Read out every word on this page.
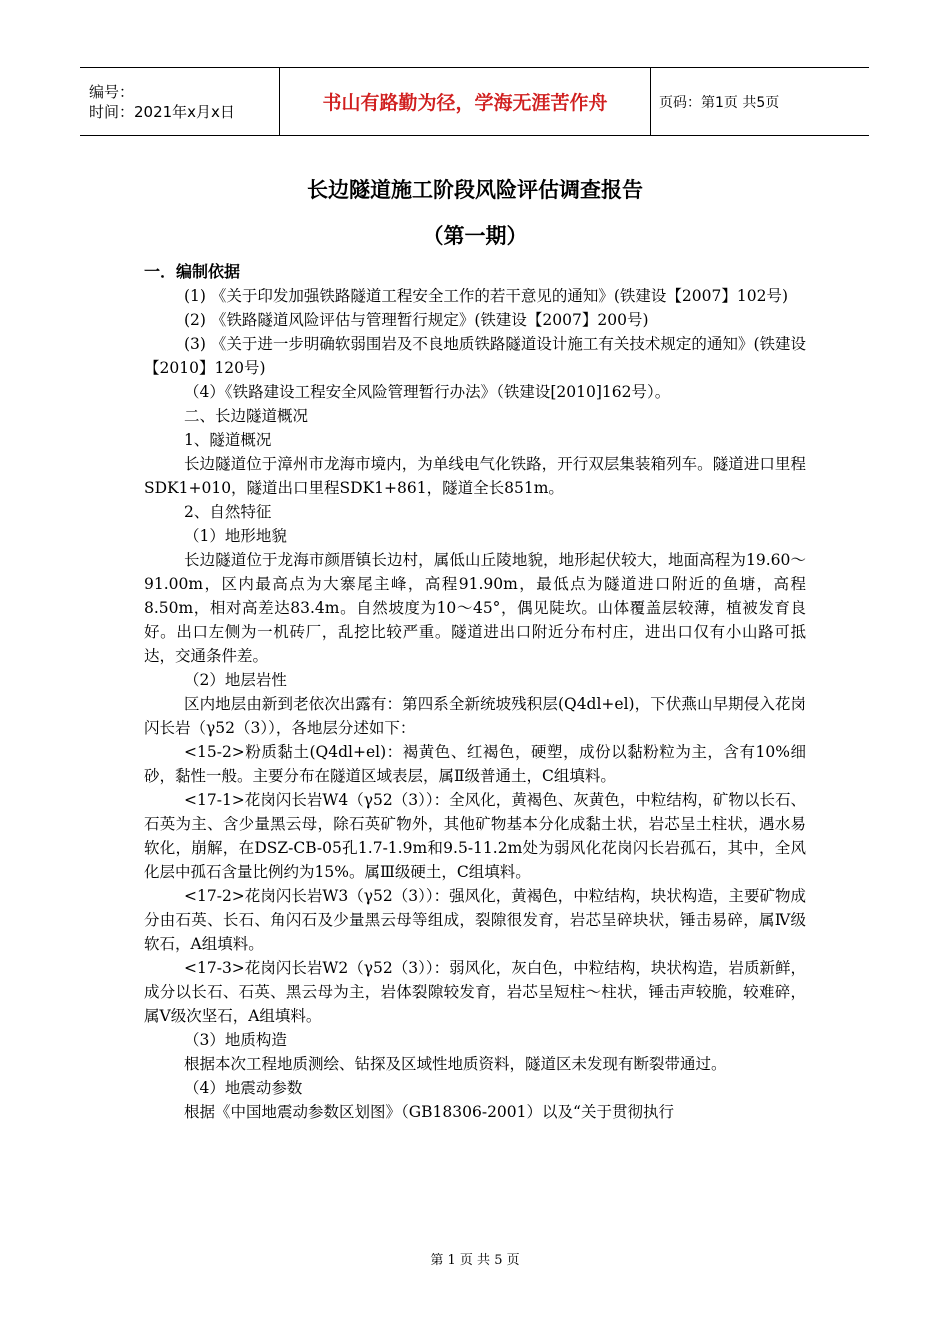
编号：
时间：2021年x月x日	书山有路勤为径，学海无涯苦作舟	页码：第1页 共5页
长边隧道施工阶段风险评估调查报告
（第一期）

一．编制依据

(1) 《关于印发加强铁路隧道工程安全工作的若干意见的通知》(铁建设【2007】102号)

(2) 《铁路隧道风险评估与管理暂行规定》(铁建设【2007】200号)

(3) 《关于进一步明确软弱围岩及不良地质铁路隧道设计施工有关技术规定的通知》(铁建设【2010】120号)

（4）《铁路建设工程安全风险管理暂行办法》（铁建设[2010]162号）。

二、长边隧道概况

1、隧道概况

长边隧道位于漳州市龙海市境内，为单线电气化铁路，开行双层集装箱列车。隧道进口里程SDK1+010，隧道出口里程SDK1+861，隧道全长851m。

2、自然特征

（1）地形地貌

长边隧道位于龙海市颜厝镇长边村，属低山丘陵地貌，地形起伏较大，地面高程为19.60～91.00m，区内最高点为大寨尾主峰，高程91.90m，最低点为隧道进口附近的鱼塘，高程8.50m，相对高差达83.4m。自然坡度为10～45°，偶见陡坎。山体覆盖层较薄，植被发育良好。出口左侧为一机砖厂，乱挖比较严重。隧道进出口附近分布村庄，进出口仅有小山路可抵达，交通条件差。

（2）地层岩性

区内地层由新到老依次出露有：第四系全新统坡残积层(Q4dl+el)，下伏燕山早期侵入花岗闪长岩（γ52（3）），各地层分述如下：

<15-2>粉质黏土(Q4dl+el)：褐黄色、红褐色，硬塑，成份以黏粉粒为主，含有10%细砂，黏性一般。主要分布在隧道区域表层，属Ⅱ级普通土，C组填料。

<17-1>花岗闪长岩W4（γ52（3））：全风化，黄褐色、灰黄色，中粒结构，矿物以长石、石英为主、含少量黑云母，除石英矿物外，其他矿物基本分化成黏土状，岩芯呈土柱状，遇水易软化，崩解，在DSZ-CB-05孔1.7-1.9m和9.5-11.2m处为弱风化花岗闪长岩孤石，其中，全风化层中孤石含量比例约为15%。属Ⅲ级硬土，C组填料。

<17-2>花岗闪长岩W3（γ52（3））：强风化，黄褐色，中粒结构，块状构造，主要矿物成分由石英、长石、角闪石及少量黑云母等组成，裂隙很发育，岩芯呈碎块状，锤击易碎，属Ⅳ级软石，A组填料。

<17-3>花岗闪长岩W2（γ52（3））：弱风化，灰白色，中粒结构，块状构造，岩质新鲜，成分以长石、石英、黑云母为主，岩体裂隙较发育，岩芯呈短柱～柱状，锤击声较脆，较难碎，属Ⅴ级次坚石，A组填料。

（3）地质构造

根据本次工程地质测绘、钻探及区域性地质资料，隧道区未发现有断裂带通过。

（4）地震动参数

根据《中国地震动参数区划图》（GB18306-2001）以及“关于贯彻执行

第 1 页 共 5 页
